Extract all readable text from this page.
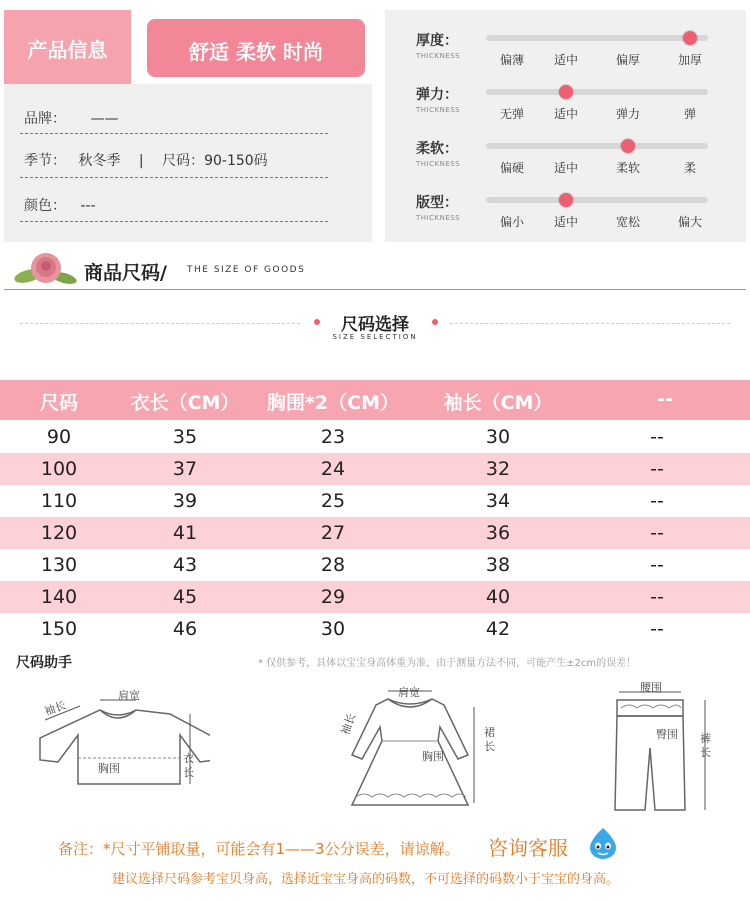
产品信息	舒适 柔软 时尚
品牌： ——
季节： 秋冬季 | 尺码：90-150码
颜色： ---
厚度：
THICKNESS	偏薄	适中	偏厚	加厚
弹力：
THICKNESS	无弹	适中	弹力	弹
柔软：
THICKNESS	偏硬	适中	柔软	柔
版型：
THICKNESS	偏小	适中	宽松	偏大
商品尺码/ THE SIZE OF GOODS
尺码选择
SIZE SELECTION
尺码	衣长（CM）	胸围*2（CM）	袖长（CM）	--
90	35	23	30	--
100	37	24	32	--
110	39	25	34	--
120	41	27	36	--
130	43	28	38	--
140	45	29	40	--
150	46	30	42	--
尺码助手	* 仅供参考，具体以宝宝身高体重为准，由于测量方法不同，可能产生±2cm的误差！
肩宽
袖长
胸围
衣长
肩宽
袖长
胸围
裙长
腰围
臀围 裤长
备注：*尺寸平铺取量，可能会有1——3公分误差，请谅解。 咨询客服
建议选择尺码参考宝贝身高，选择近宝宝身高的码数，不可选择的码数小于宝宝的身高。
